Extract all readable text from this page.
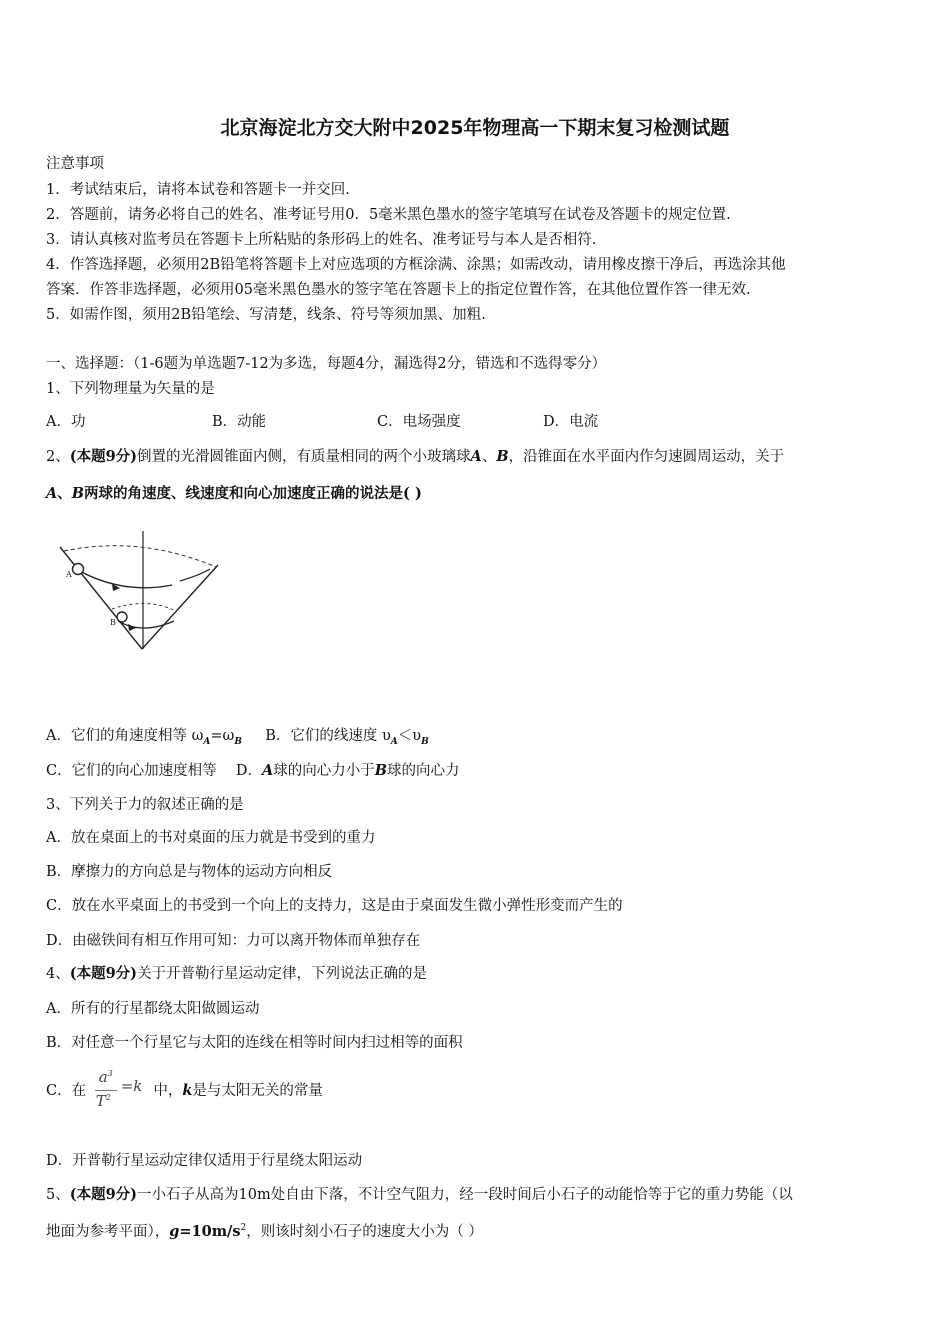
北京海淀北方交大附中2025年物理高一下期末复习检测试题
注意事项
1．考试结束后，请将本试卷和答题卡一并交回.
2．答题前，请务必将自己的姓名、准考证号用0．5毫米黑色墨水的签字笔填写在试卷及答题卡的规定位置.
3．请认真核对监考员在答题卡上所粘贴的条形码上的姓名、准考证号与本人是否相符.
4．作答选择题，必须用2B铅笔将答题卡上对应选项的方框涂满、涂黑；如需改动，请用橡皮擦干净后，再选涂其他
答案．作答非选择题，必须用05毫米黑色墨水的签字笔在答题卡上的指定位置作答，在其他位置作答一律无效.
5．如需作图，须用2B铅笔绘、写清楚，线条、符号等须加黑、加粗.
一、选择题：（1-6题为单选题7-12为多选，每题4分，漏选得2分，错选和不选得零分）
1、下列物理量为矢量的是
A．功	B．动能	C．电场强度	D．电流
2、(本题9分)倒置的光滑圆锥面内侧，有质量相同的两个小玻璃球A、B，沿锥面在水平面内作匀速圆周运动，关于
A、B两球的角速度、线速度和向心加速度正确的说法是( )
A
B
A．它们的角速度相等 $\omega_A=\omega_B$ B．它们的线速度 $\upsilon_A<\upsilon_B$
C．它们的向心加速度相等 D．A球的向心力小于B球的向心力
3、下列关于力的叙述正确的是
A．放在桌面上的书对桌面的压力就是书受到的重力
B．摩擦力的方向总是与物体的运动方向相反
C．放在水平桌面上的书受到一个向上的支持力，这是由于桌面发生微小弹性形变而产生的
D．由磁铁间有相互作用可知：力可以离开物体而单独存在
4、(本题9分)关于开普勒行星运动定律，下列说法正确的是
A．所有的行星都绕太阳做圆运动
B．对任意一个行星它与太阳的连线在相等时间内扫过相等的面积
C．在
$a^3$
$T^2$
=k 中，k是与太阳无关的常量
D．开普勒行星运动定律仅适用于行星绕太阳运动
5、(本题9分)一小石子从高为10m处自由下落，不计空气阻力，经一段时间后小石子的动能恰等于它的重力势能（以
地面为参考平面），$g=10m/s^2$，则该时刻小石子的速度大小为（ ）
